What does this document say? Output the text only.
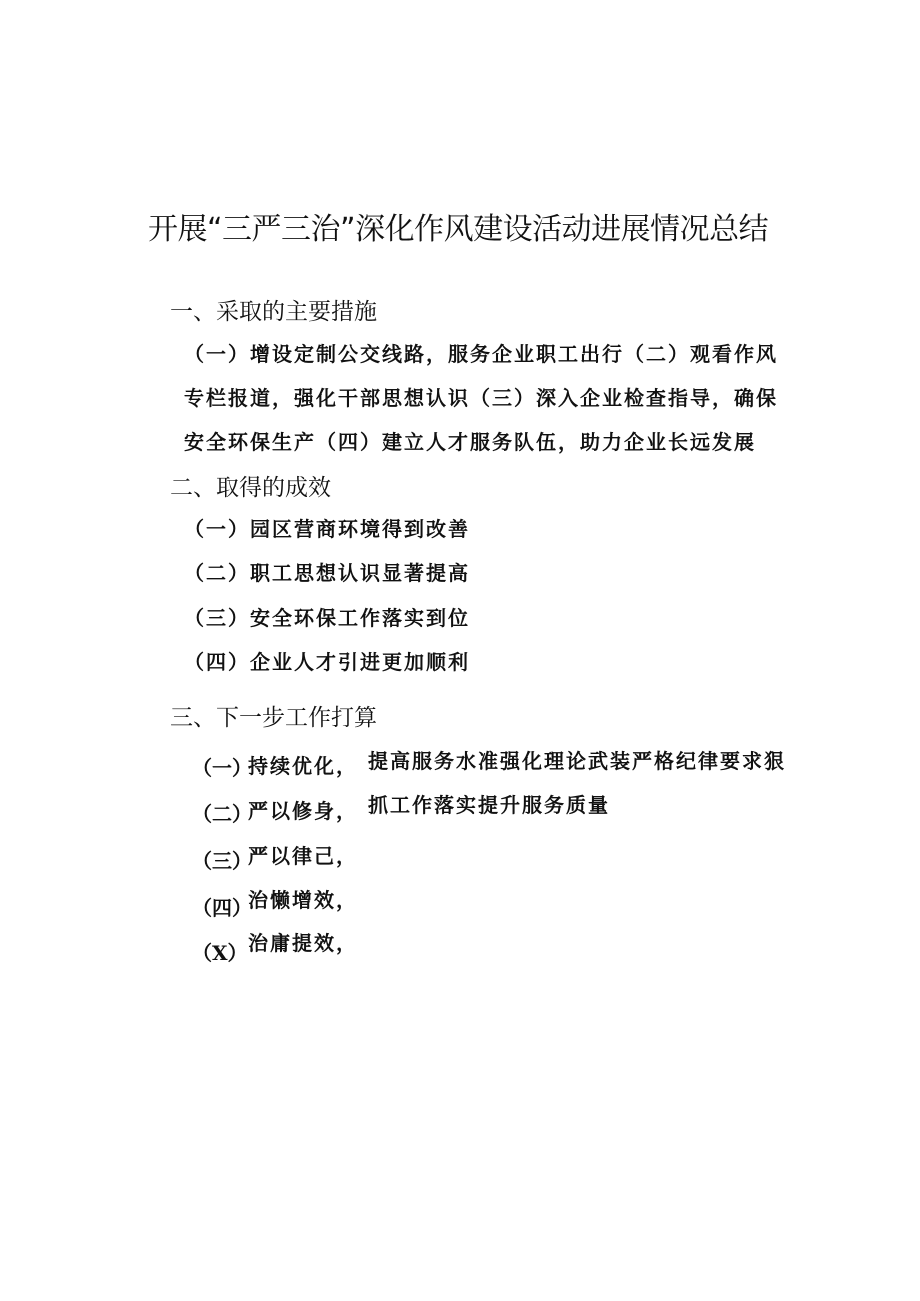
开展“三严三治”深化作风建设活动进展情况总结
一、采取的主要措施
（一）增设定制公交线路，服务企业职工出行（二）观看作风
专栏报道，强化干部思想认识（三）深入企业检查指导，确保
安全环保生产（四）建立人才服务队伍，助力企业长远发展
二、取得的成效
（一）园区营商环境得到改善
（二）职工思想认识显著提高
（三）安全环保工作落实到位
（四）企业人才引进更加顺利
三、下一步工作打算
（一）
（二）
（三）
（四）
（X）
持续优化，
严以修身，
严以律己，
治懒增效，
治庸提效，
提高服务水准强化理论武装严格纪律要求狠
抓工作落实提升服务质量
